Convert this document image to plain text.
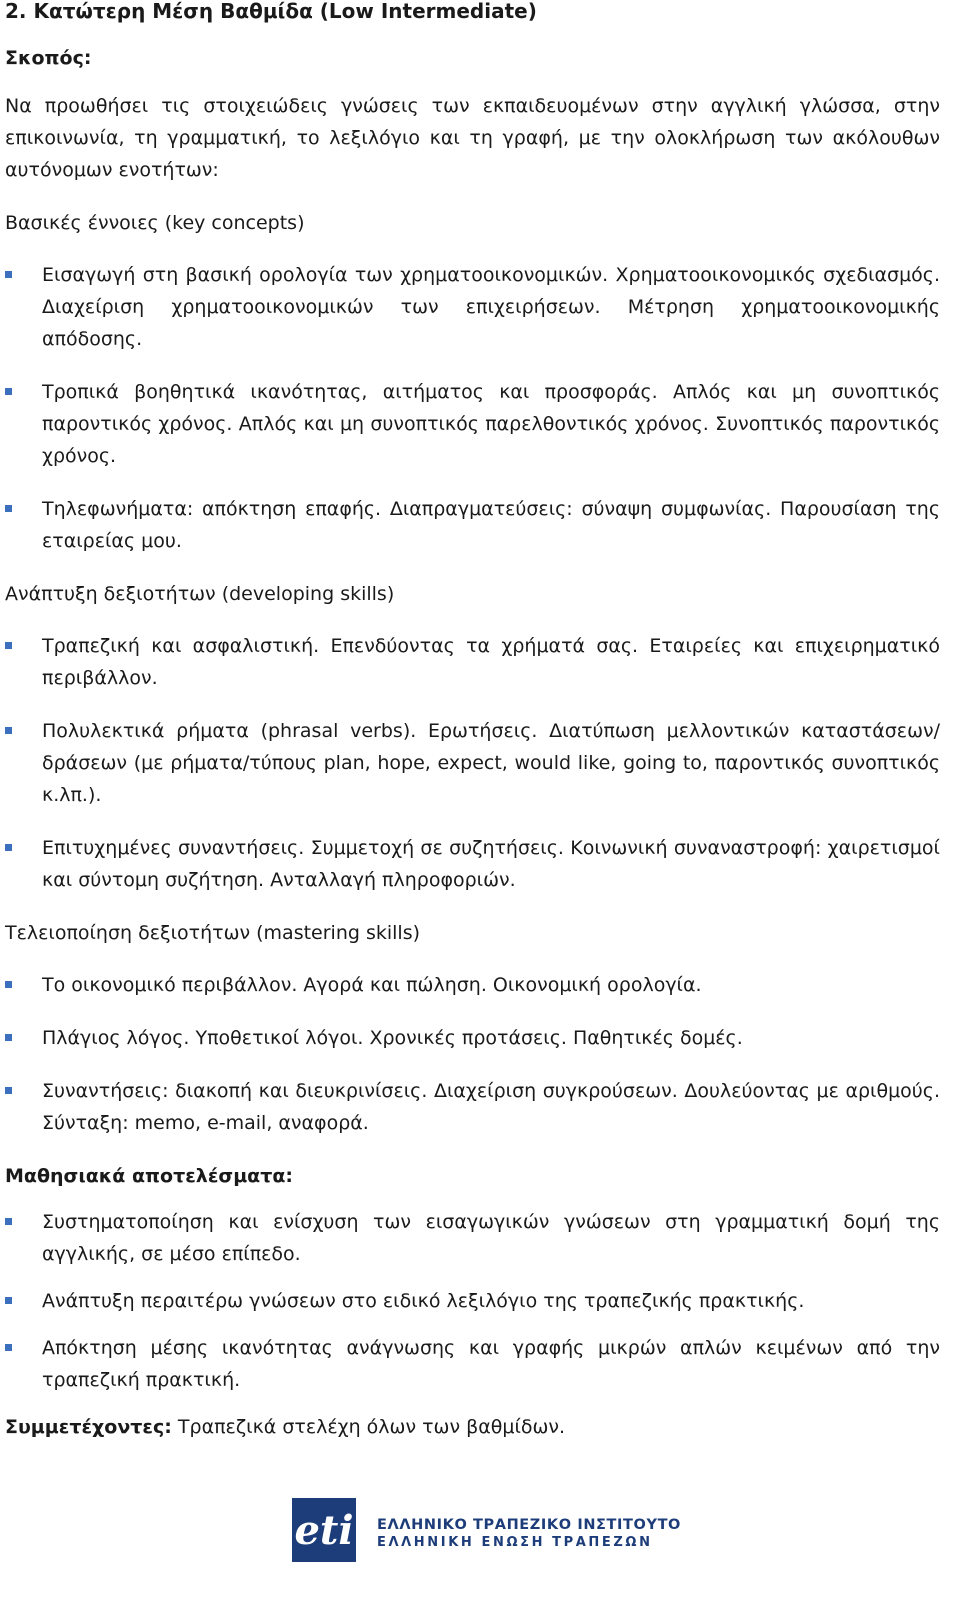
2. Κατώτερη Μέση Βαθμίδα (Low Intermediate)
Σκοπός:

Να προωθήσει τις στοιχειώδεις γνώσεις των εκπαιδευομένων στην αγγλική γλώσσα, στην επικοινωνία, τη γραμματική, το λεξιλόγιο και τη γραφή, με την ολοκλήρωση των ακόλουθων αυτόνομων ενοτήτων:

Βασικές έννοιες (key concepts)
Εισαγωγή στη βασική ορολογία των χρηματοοικονομικών. Χρηματοοικονομικός σχεδιασμός. Διαχείριση χρηματοοικονομικών των επιχειρήσεων. Μέτρηση χρηματοοικονομικής απόδοσης.
Τροπικά βοηθητικά ικανότητας, αιτήματος και προσφοράς. Απλός και μη συνοπτικός παροντικός χρόνος. Απλός και μη συνοπτικός παρελθοντικός χρόνος. Συνοπτικός παροντικός χρόνος.
Τηλεφωνήματα: απόκτηση επαφής. Διαπραγματεύσεις: σύναψη συμφωνίας. Παρουσίαση της εταιρείας μου.
Ανάπτυξη δεξιοτήτων (developing skills)
Τραπεζική και ασφαλιστική. Επενδύοντας τα χρήματά σας. Εταιρείες και επιχειρηματικό περιβάλλον.
Πολυλεκτικά ρήματα (phrasal verbs). Ερωτήσεις. Διατύπωση μελλοντικών καταστάσεων/δράσεων (με ρήματα/τύπους plan, hope, expect, would like, going to, παροντικός συνοπτικός κ.λπ.).
Επιτυχημένες συναντήσεις. Συμμετοχή σε συζητήσεις. Κοινωνική συναναστροφή: χαιρετισμοί και σύντομη συζήτηση. Ανταλλαγή πληροφοριών.
Τελειοποίηση δεξιοτήτων (mastering skills)
Το οικονομικό περιβάλλον. Αγορά και πώληση. Οικονομική ορολογία.
Πλάγιος λόγος. Υποθετικοί λόγοι. Χρονικές προτάσεις. Παθητικές δομές.
Συναντήσεις: διακοπή και διευκρινίσεις. Διαχείριση συγκρούσεων. Δουλεύοντας με αριθμούς. Σύνταξη: memo, e-mail, αναφορά.
Μαθησιακά αποτελέσματα:
Συστηματοποίηση και ενίσχυση των εισαγωγικών γνώσεων στη γραμματική δομή της αγγλικής, σε μέσο επίπεδο.
Ανάπτυξη περαιτέρω γνώσεων στο ειδικό λεξιλόγιο της τραπεζικής πρακτικής.
Απόκτηση μέσης ικανότητας ανάγνωσης και γραφής μικρών απλών κειμένων από την τραπεζική πρακτική.

Συμμετέχοντες: Τραπεζικά στελέχη όλων των βαθμίδων.

eti ΕΛΛΗΝΙΚΟ ΤΡΑΠΕΖΙΚΟ ΙΝΣΤΙΤΟΥΤΟ
ΕΛΛΗΝΙΚΗ ΕΝΩΣΗ ΤΡΑΠΕΖΩΝ
